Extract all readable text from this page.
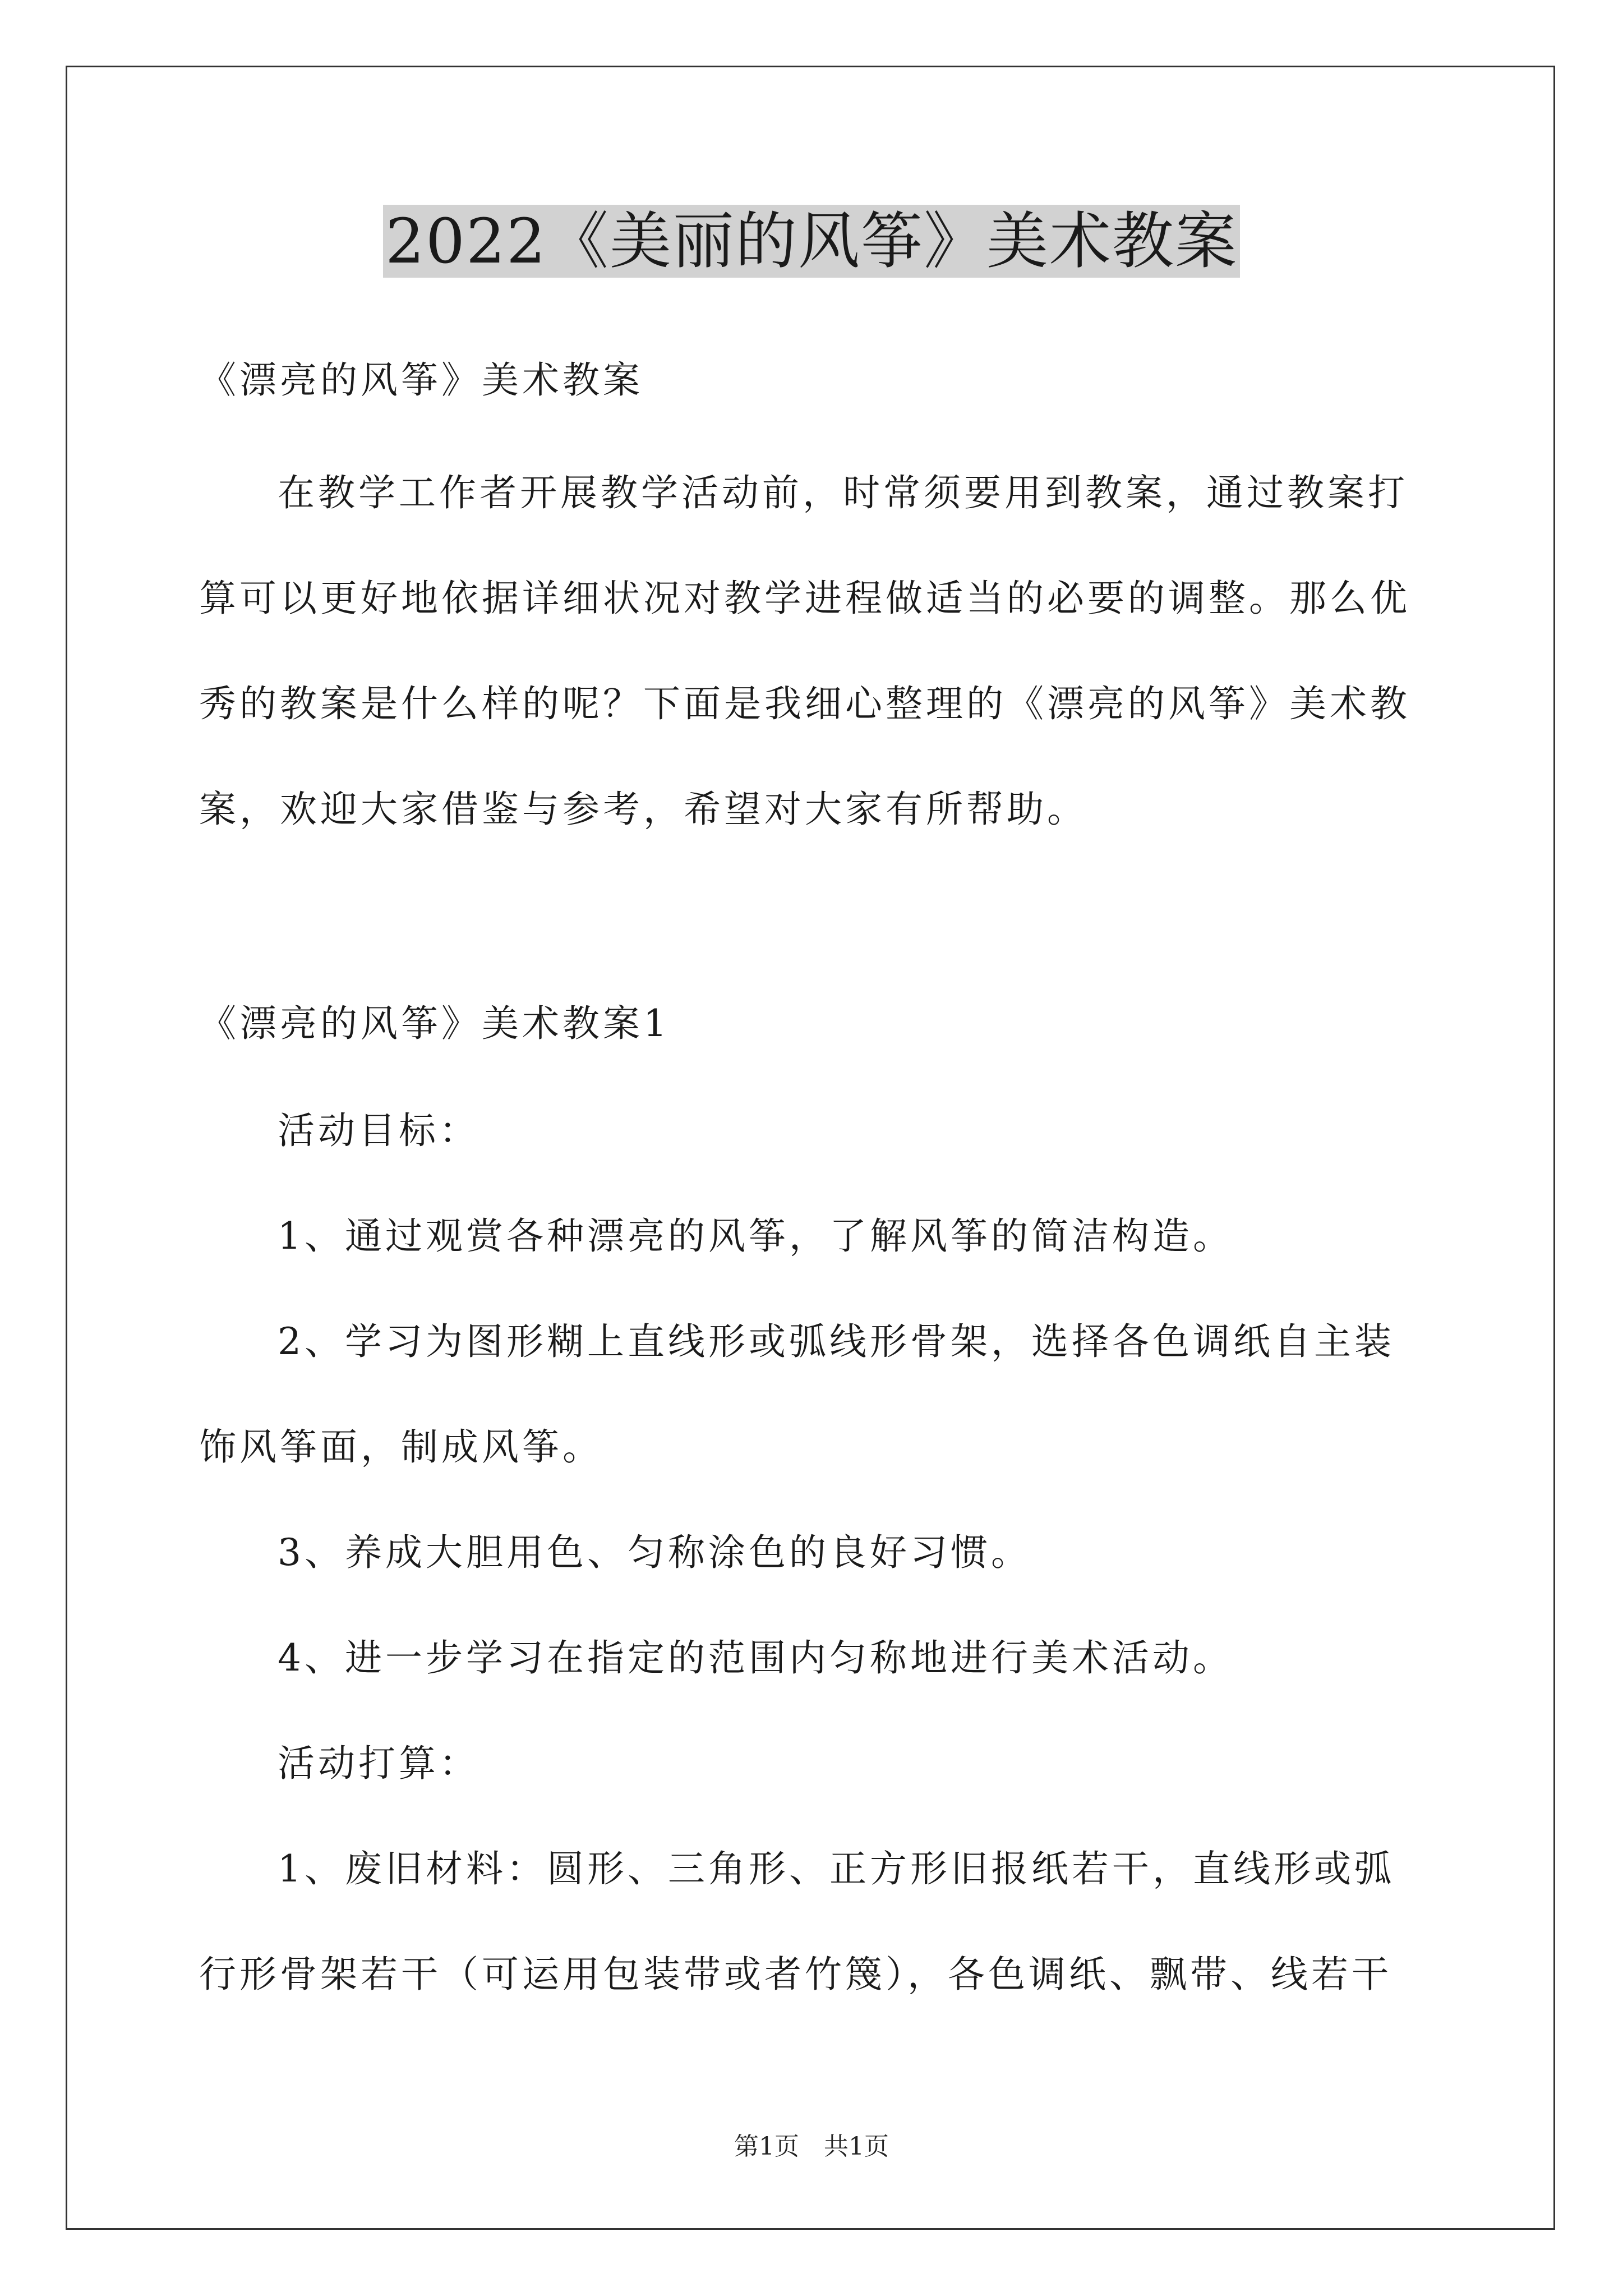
2022《美丽的风筝》美术教案

《漂亮的风筝》美术教案

在教学工作者开展教学活动前，时常须要用到教案，通过教案打算可以更好地依据详细状况对教学进程做适当的必要的调整。那么优秀的教案是什么样的呢？下面是我细心整理的《漂亮的风筝》美术教案，欢迎大家借鉴与参考，希望对大家有所帮助。

《漂亮的风筝》美术教案1

活动目标：

1、通过观赏各种漂亮的风筝，了解风筝的简洁构造。

2、学习为图形糊上直线形或弧线形骨架，选择各色调纸自主装饰风筝面，制成风筝。

3、养成大胆用色、匀称涂色的良好习惯。

4、进一步学习在指定的范围内匀称地进行美术活动。

活动打算：

1、废旧材料：圆形、三角形、正方形旧报纸若干，直线形或弧行形骨架若干（可运用包装带或者竹篾），各色调纸、飘带、线若干

第1页　共1页
